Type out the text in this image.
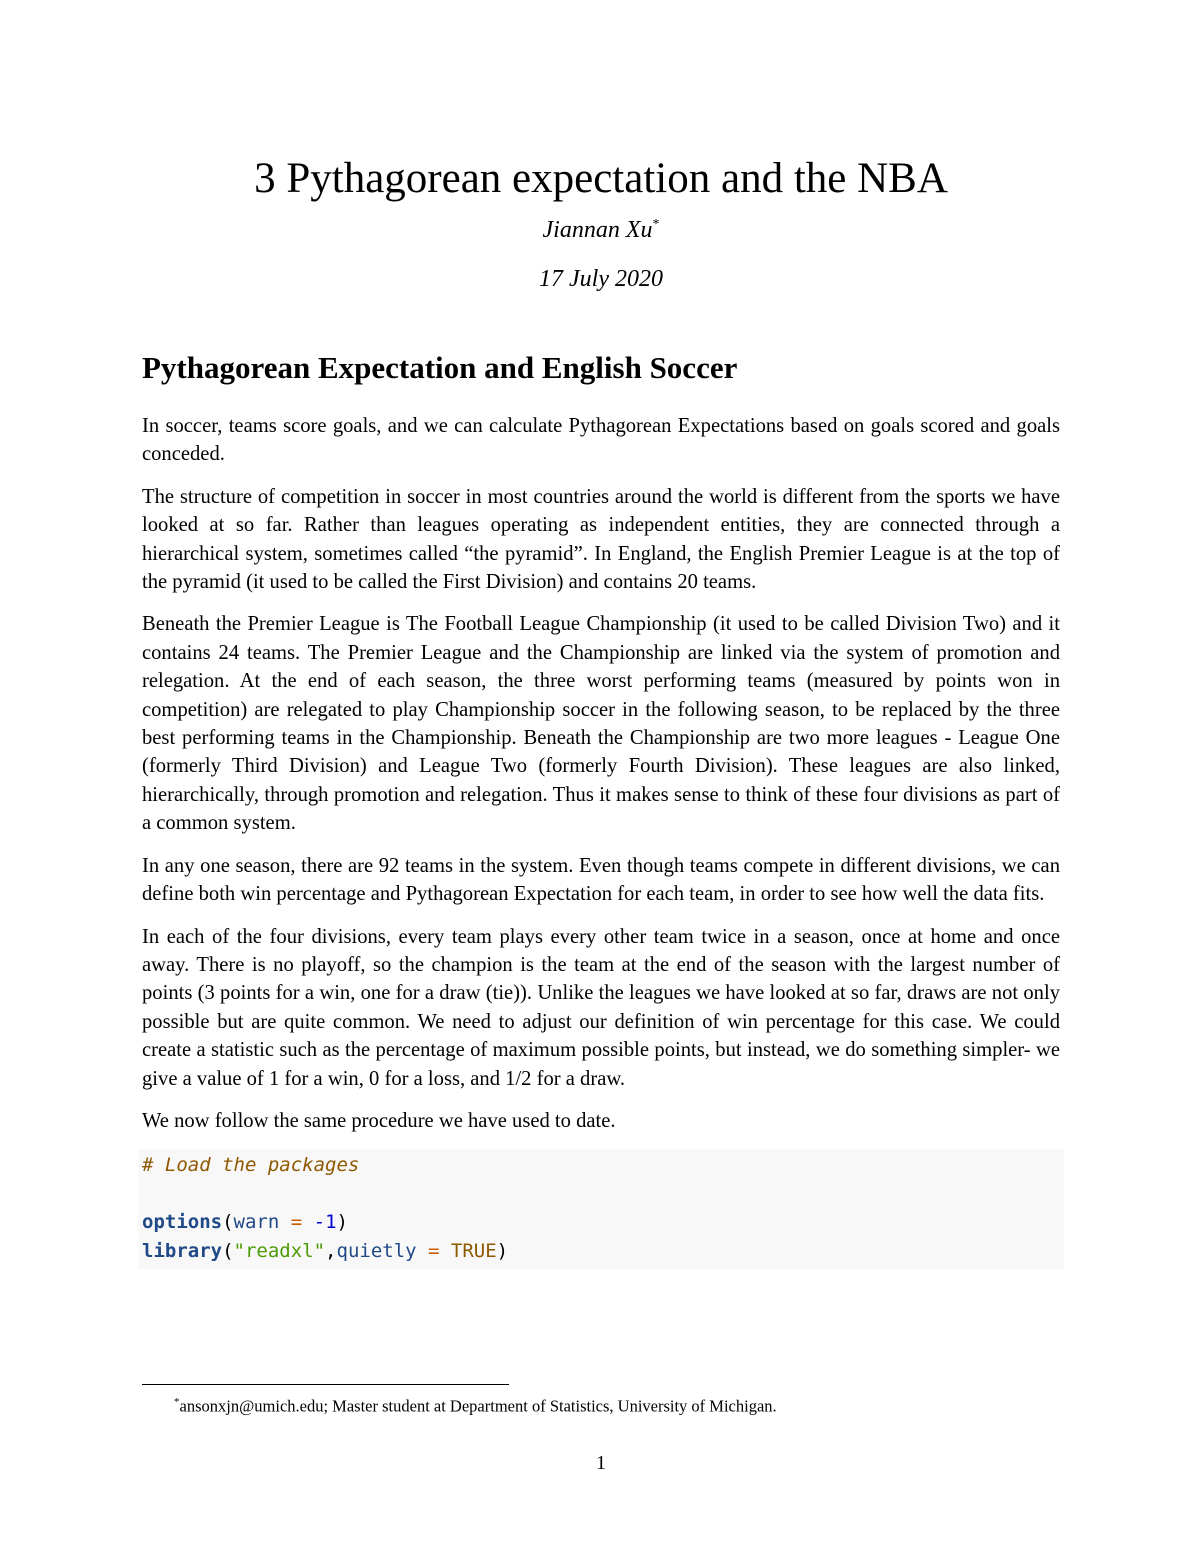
3 Pythagorean expectation and the NBA
Jiannan Xu*
17 July 2020
Pythagorean Expectation and English Soccer

In soccer, teams score goals, and we can calculate Pythagorean Expectations based on goals scored and goals conceded.

The structure of competition in soccer in most countries around the world is different from the sports we have looked at so far. Rather than leagues operating as independent entities, they are connected through a hierarchical system, sometimes called “the pyramid”. In England, the English Premier League is at the top of the pyramid (it used to be called the First Division) and contains 20 teams.

Beneath the Premier League is The Football League Championship (it used to be called Division Two) and it contains 24 teams. The Premier League and the Championship are linked via the system of promotion and relegation. At the end of each season, the three worst performing teams (measured by points won in competition) are relegated to play Championship soccer in the following season, to be replaced by the three best performing teams in the Championship. Beneath the Championship are two more leagues - League One (formerly Third Division) and League Two (formerly Fourth Division). These leagues are also linked, hierarchically, through promotion and relegation. Thus it makes sense to think of these four divisions as part of a common system.

In any one season, there are 92 teams in the system. Even though teams compete in different divisions, we can define both win percentage and Pythagorean Expectation for each team, in order to see how well the data fits.

In each of the four divisions, every team plays every other team twice in a season, once at home and once away. There is no playoff, so the champion is the team at the end of the season with the largest number of points (3 points for a win, one for a draw (tie)). Unlike the leagues we have looked at so far, draws are not only possible but are quite common. We need to adjust our definition of win percentage for this case. We could create a statistic such as the percentage of maximum possible points, but instead, we do something simpler- we give a value of 1 for a win, 0 for a loss, and 1/2 for a draw.

We now follow the same procedure we have used to date.

# Load the packages

options(warn = -1)
library("readxl",quietly = TRUE)
*ansonxjn@umich.edu; Master student at Department of Statistics, University of Michigan.
1
